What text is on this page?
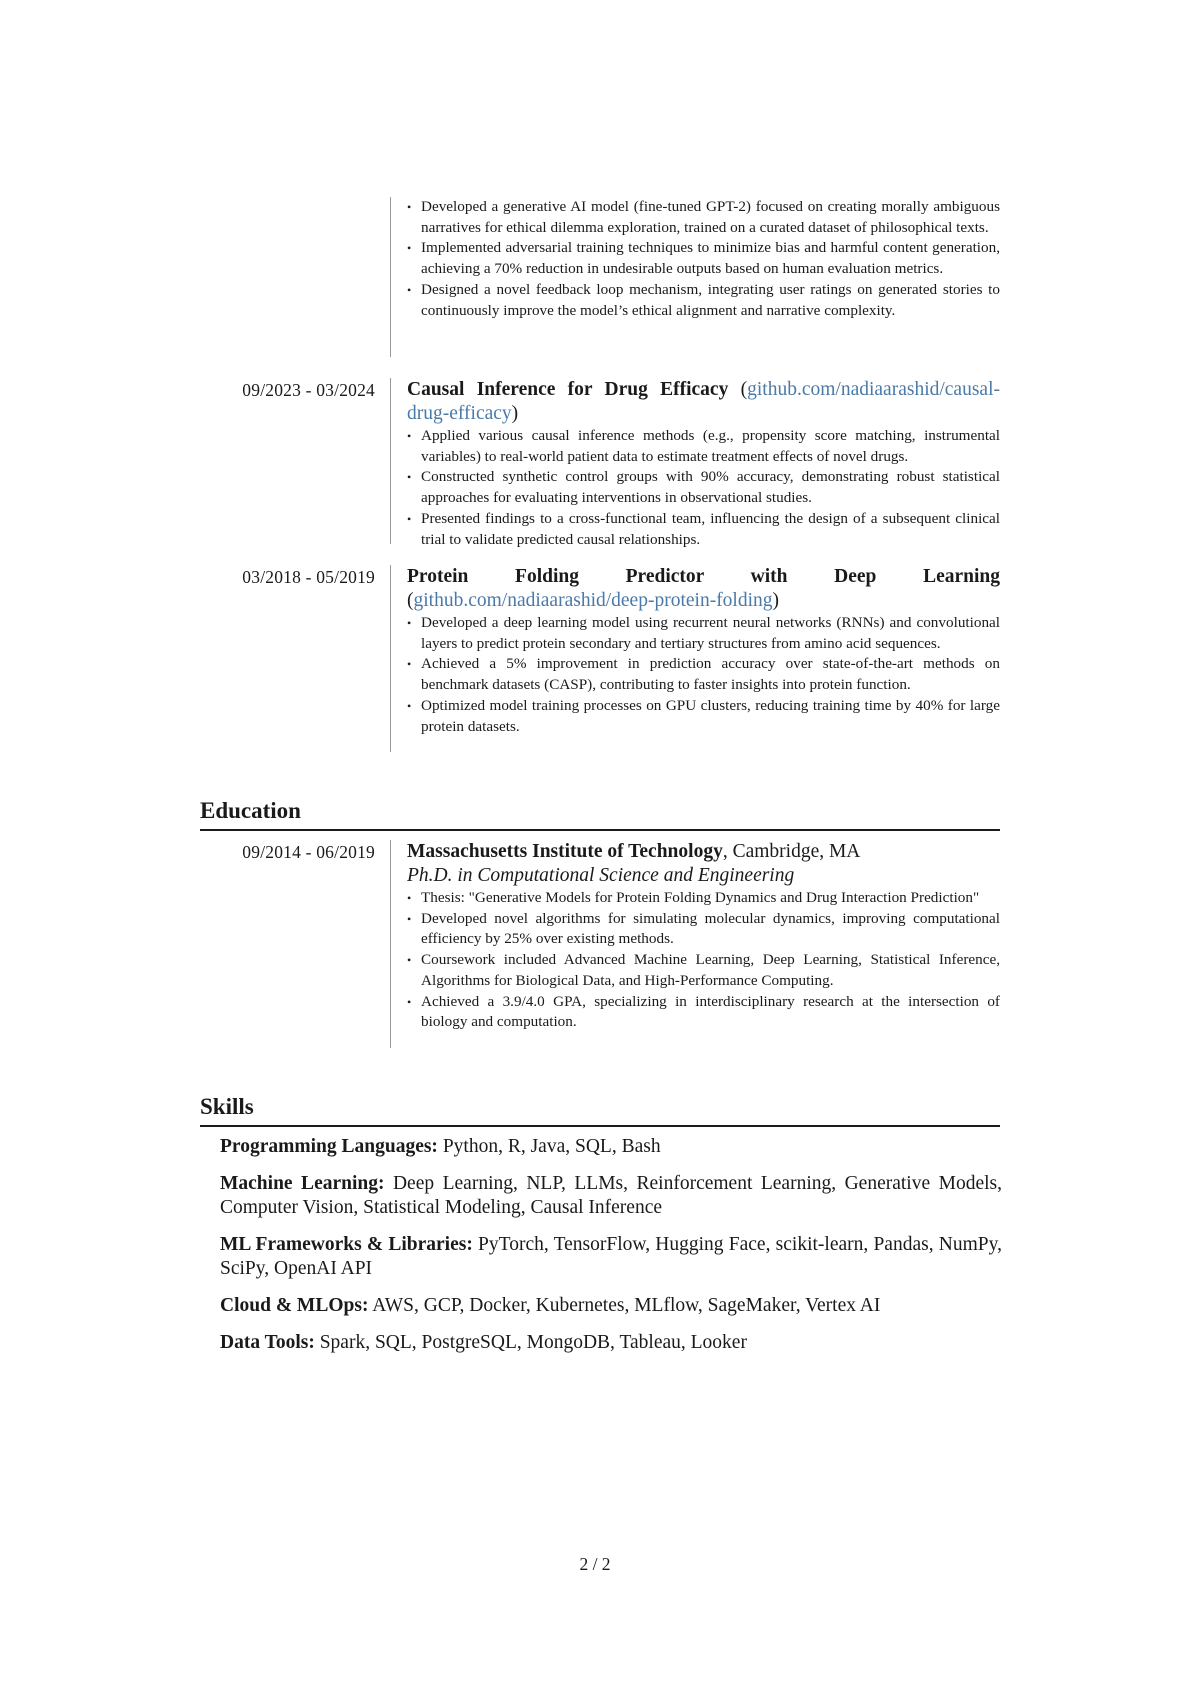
• Developed a generative AI model (fine-tuned GPT-2) focused on creating morally ambiguous narratives for ethical dilemma exploration, trained on a curated dataset of philosophical texts.
• Implemented adversarial training techniques to minimize bias and harmful content generation, achieving a 70% reduction in undesirable outputs based on human evaluation metrics.
• Designed a novel feedback loop mechanism, integrating user ratings on generated stories to continuously improve the model’s ethical alignment and narrative complexity.
09/2023 - 03/2024 Causal Inference for Drug Efficacy (github.com/nadiaarashid/causal-drug-efficacy)

• Applied various causal inference methods (e.g., propensity score matching, instrumental variables) to real-world patient data to estimate treatment effects of novel drugs.
• Constructed synthetic control groups with 90% accuracy, demonstrating robust statistical approaches for evaluating interventions in observational studies.
• Presented findings to a cross-functional team, influencing the design of a subsequent clinical trial to validate predicted causal relationships.
03/2018 - 05/2019 Protein Folding Predictor with Deep Learning (github.com/nadiaarashid/deep-protein-folding)

• Developed a deep learning model using recurrent neural networks (RNNs) and convolutional layers to predict protein secondary and tertiary structures from amino acid sequences.
• Achieved a 5% improvement in prediction accuracy over state-of-the-art methods on benchmark datasets (CASP), contributing to faster insights into protein function.
• Optimized model training processes on GPU clusters, reducing training time by 40% for large protein datasets.
Education
09/2014 - 06/2019 Massachusetts Institute of Technology, Cambridge, MA

Ph.D. in Computational Science and Engineering

• Thesis: "Generative Models for Protein Folding Dynamics and Drug Interaction Prediction"
• Developed novel algorithms for simulating molecular dynamics, improving computational efficiency by 25% over existing methods.
• Coursework included Advanced Machine Learning, Deep Learning, Statistical Inference, Algorithms for Biological Data, and High-Performance Computing.
• Achieved a 3.9/4.0 GPA, specializing in interdisciplinary research at the intersection of biology and computation.
Skills

Programming Languages: Python, R, Java, SQL, Bash

Machine Learning: Deep Learning, NLP, LLMs, Reinforcement Learning, Generative Models, Computer Vision, Statistical Modeling, Causal Inference

ML Frameworks & Libraries: PyTorch, TensorFlow, Hugging Face, scikit-learn, Pandas, NumPy, SciPy, OpenAI API

Cloud & MLOps: AWS, GCP, Docker, Kubernetes, MLflow, SageMaker, Vertex AI

Data Tools: Spark, SQL, PostgreSQL, MongoDB, Tableau, Looker

2 / 2
